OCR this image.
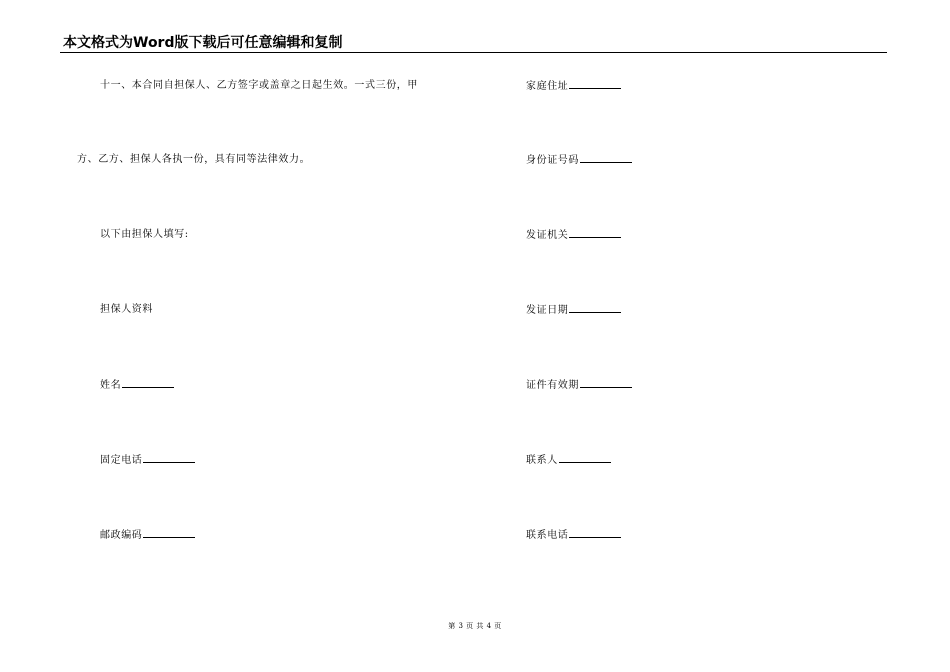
本文格式为Word版下载后可任意编辑和复制
十一、本合同自担保人、乙方签字或盖章之日起生效。一式三份，甲
方、乙方、担保人各执一份，具有同等法律效力。
以下由担保人填写:
担保人资料
姓名
固定电话
邮政编码
家庭住址
身份证号码
发证机关
发证日期
证件有效期
联系人
联系电话
第 3 页 共 4 页
